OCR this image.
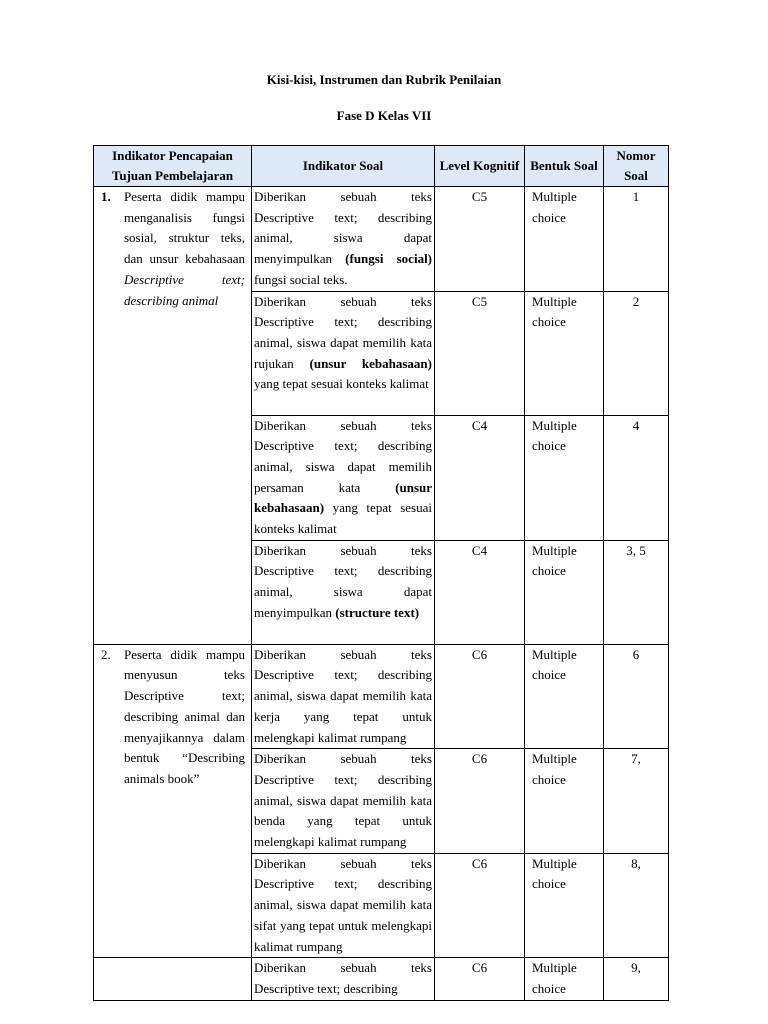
Kisi-kisi, Instrumen dan Rubrik Penilaian
Fase D Kelas VII
Indikator Pencapaian Tujuan Pembelajaran	Indikator Soal	Level Kognitif	Bentuk Soal	Nomor Soal

1. Peserta didik mampu menganalisis fungsi sosial, struktur teks, dan unsur kebahasaan Descriptive text; describing animal	Diberikan sebuah teks Descriptive text; describing animal, siswa dapat menyimpulkan (fungsi social) fungsi social teks.	C5	Multiple choice	1
	Diberikan sebuah teks Descriptive text; describing animal, siswa dapat memilih kata rujukan (unsur kebahasaan) yang tepat sesuai konteks kalimat	C5	Multiple choice	2
	Diberikan sebuah teks Descriptive text; describing animal, siswa dapat memilih persaman kata (unsur kebahasaan) yang tepat sesuai konteks kalimat	C4	Multiple choice	4
	Diberikan sebuah teks Descriptive text; describing animal, siswa dapat menyimpulkan (structure text)	C4	Multiple choice	3, 5

2. Peserta didik mampu menyusun teks Descriptive text; describing animal dan menyajikannya dalam bentuk “Describing animals book”	Diberikan sebuah teks Descriptive text; describing animal, siswa dapat memilih kata kerja yang tepat untuk melengkapi kalimat rumpang	C6	Multiple choice	6
	Diberikan sebuah teks Descriptive text; describing animal, siswa dapat memilih kata benda yang tepat untuk melengkapi kalimat rumpang	C6	Multiple choice	7,
	Diberikan sebuah teks Descriptive text; describing animal, siswa dapat memilih kata sifat yang tepat untuk melengkapi kalimat rumpang	C6	Multiple choice	8,

	Diberikan sebuah teks Descriptive text; describing	C6	Multiple choice	9,
